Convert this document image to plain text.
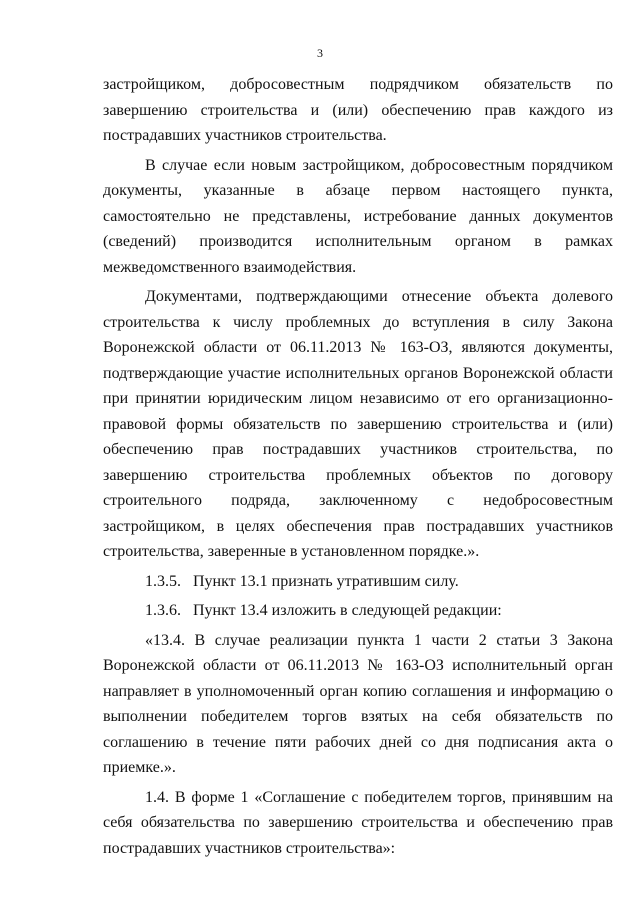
3

застройщиком, добросовестным подрядчиком обязательств по завершению строительства и (или) обеспечению прав каждого из пострадавших участников строительства.

В случае если новым застройщиком, добросовестным порядчиком документы, указанные в абзаце первом настоящего пункта, самостоятельно не представлены, истребование данных документов (сведений) производится исполнительным органом в рамках межведомственного взаимодействия.

Документами, подтверждающими отнесение объекта долевого строительства к числу проблемных до вступления в силу Закона Воронежской области от 06.11.2013 № 163-ОЗ, являются документы, подтверждающие участие исполнительных органов Воронежской области при принятии юридическим лицом независимо от его организационно-правовой формы обязательств по завершению строительства и (или) обеспечению прав пострадавших участников строительства, по завершению строительства проблемных объектов по договору строительного подряда, заключенному с недобросовестным застройщиком, в целях обеспечения прав пострадавших участников строительства, заверенные в установленном порядке.».

1.3.5.   Пункт 13.1 признать утратившим силу.

1.3.6.   Пункт 13.4 изложить в следующей редакции:

«13.4. В случае реализации пункта 1 части 2 статьи 3 Закона Воронежской области от 06.11.2013 № 163-ОЗ исполнительный орган направляет в уполномоченный орган копию соглашения и информацию о выполнении победителем торгов взятых на себя обязательств по соглашению в течение пяти рабочих дней со дня подписания акта о приемке.».

1.4. В форме 1 «Соглашение с победителем торгов, принявшим на себя обязательства по завершению строительства и обеспечению прав пострадавших участников строительства»:
